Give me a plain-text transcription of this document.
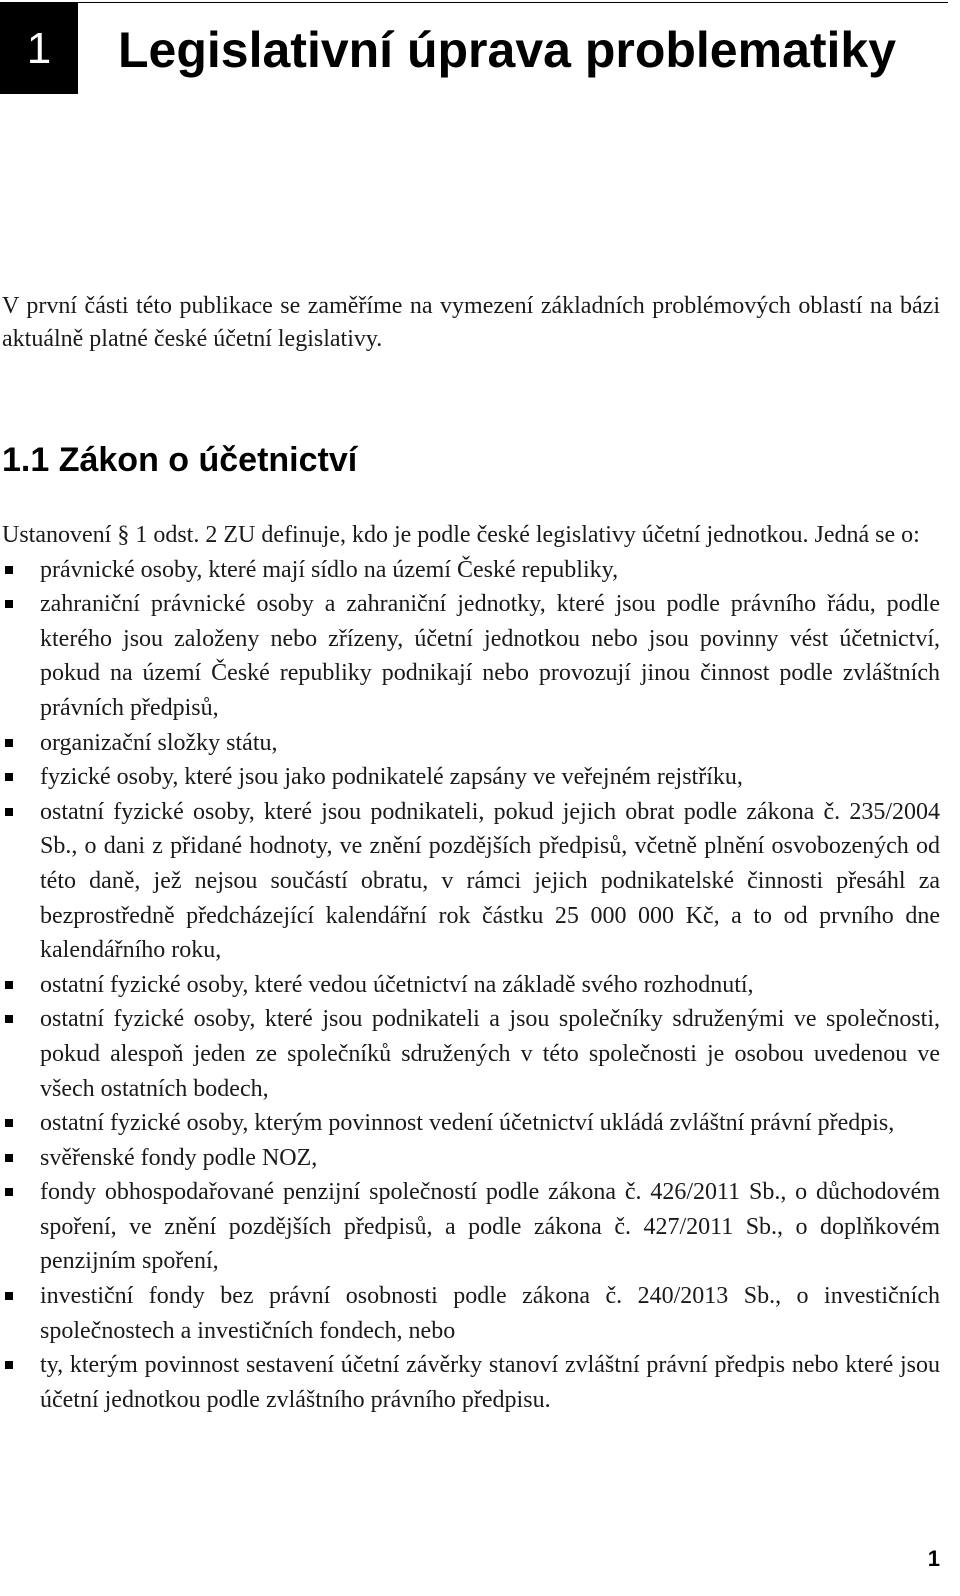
1	Legislativní úprava problematiky

V první části této publikace se zaměříme na vymezení základních problémových oblastí na bázi aktuálně platné české účetní legislativy.

1.1 Zákon o účetnictví

Ustanovení § 1 odst. 2 ZU definuje, kdo je podle české legislativy účetní jednotkou. Jedná se o:

právnické osoby, které mají sídlo na území České republiky,
zahraniční právnické osoby a zahraniční jednotky, které jsou podle právního řádu, podle kterého jsou založeny nebo zřízeny, účetní jednotkou nebo jsou povinny vést účetnictví, pokud na území České republiky podnikají nebo provozují jinou činnost podle zvláštních právních předpisů,
organizační složky státu,
fyzické osoby, které jsou jako podnikatelé zapsány ve veřejném rejstříku,
ostatní fyzické osoby, které jsou podnikateli, pokud jejich obrat podle zákona č. 235/2004 Sb., o dani z přidané hodnoty, ve znění pozdějších předpisů, včetně plnění osvobozených od této daně, jež nejsou součástí obratu, v rámci jejich podnikatelské činnosti přesáhl za bezprostředně předcházející kalendářní rok částku 25 000 000 Kč, a to od prvního dne kalendářního roku,
ostatní fyzické osoby, které vedou účetnictví na základě svého rozhodnutí,
ostatní fyzické osoby, které jsou podnikateli a jsou společníky sdruženými ve společnosti, pokud alespoň jeden ze společníků sdružených v této společnosti je osobou uvedenou ve všech ostatních bodech,
ostatní fyzické osoby, kterým povinnost vedení účetnictví ukládá zvláštní právní předpis,
svěřenské fondy podle NOZ,
fondy obhospodařované penzijní společností podle zákona č. 426/2011 Sb., o důchodovém spoření, ve znění pozdějších předpisů, a podle zákona č. 427/2011 Sb., o doplňkovém penzijním spoření,
investiční fondy bez právní osobnosti podle zákona č. 240/2013 Sb., o investičních společnostech a investičních fondech, nebo
ty, kterým povinnost sestavení účetní závěrky stanoví zvláštní právní předpis nebo které jsou účetní jednotkou podle zvláštního právního předpisu.
1
